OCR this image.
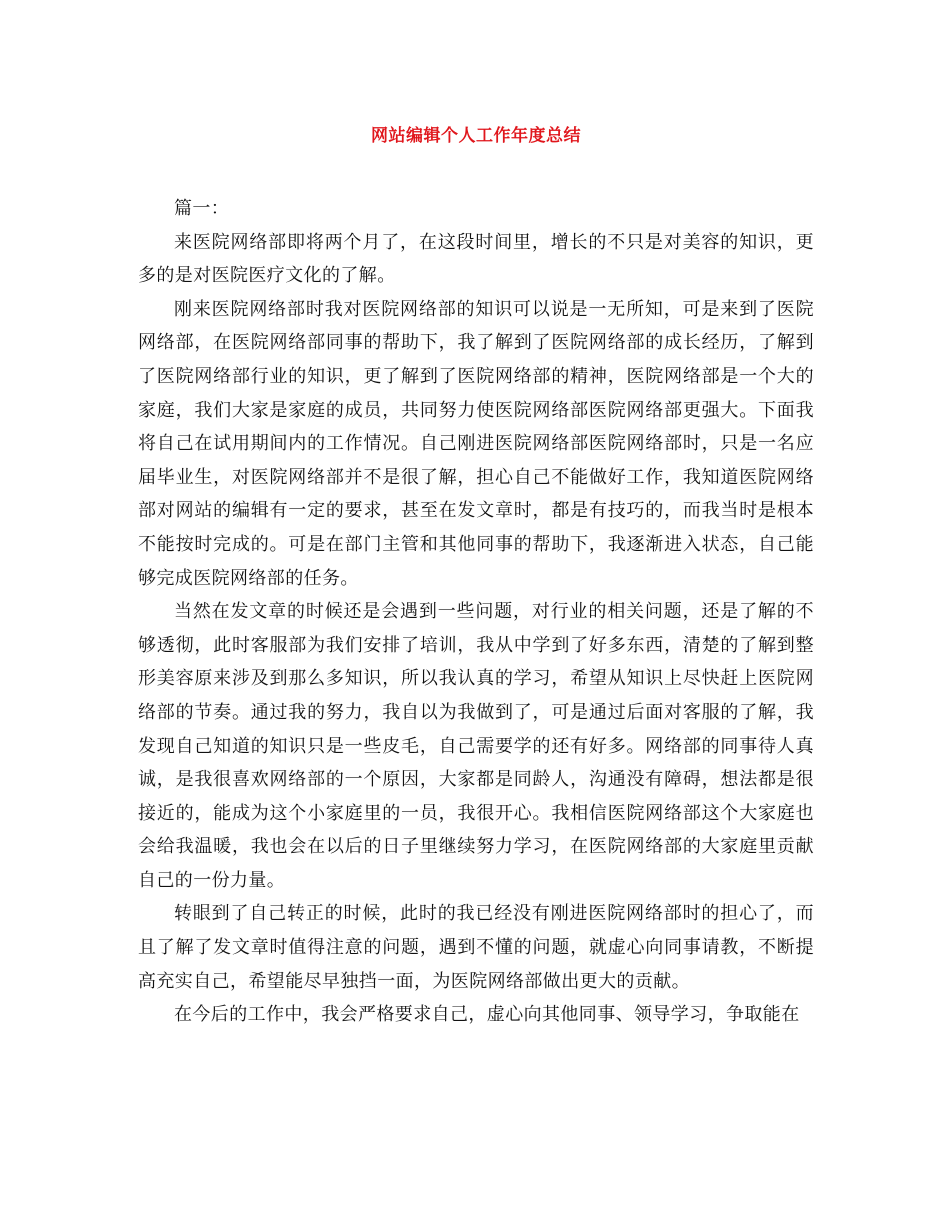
网站编辑个人工作年度总结

篇一：

来医院网络部即将两个月了，在这段时间里，增长的不只是对美容的知识，更多的是对医院医疗文化的了解。

刚来医院网络部时我对医院网络部的知识可以说是一无所知，可是来到了医院网络部，在医院网络部同事的帮助下，我了解到了医院网络部的成长经历，了解到了医院网络部行业的知识，更了解到了医院网络部的精神，医院网络部是一个大的家庭，我们大家是家庭的成员，共同努力使医院网络部医院网络部更强大。下面我将自己在试用期间内的工作情况。自己刚进医院网络部医院网络部时，只是一名应届毕业生，对医院网络部并不是很了解，担心自己不能做好工作，我知道医院网络部对网站的编辑有一定的要求，甚至在发文章时，都是有技巧的，而我当时是根本不能按时完成的。可是在部门主管和其他同事的帮助下，我逐渐进入状态，自己能够完成医院网络部的任务。

当然在发文章的时候还是会遇到一些问题，对行业的相关问题，还是了解的不够透彻，此时客服部为我们安排了培训，我从中学到了好多东西，清楚的了解到整形美容原来涉及到那么多知识，所以我认真的学习，希望从知识上尽快赶上医院网络部的节奏。通过我的努力，我自以为我做到了，可是通过后面对客服的了解，我发现自己知道的知识只是一些皮毛，自己需要学的还有好多。网络部的同事待人真诚，是我很喜欢网络部的一个原因，大家都是同龄人，沟通没有障碍，想法都是很接近的，能成为这个小家庭里的一员，我很开心。我相信医院网络部这个大家庭也会给我温暖，我也会在以后的日子里继续努力学习，在医院网络部的大家庭里贡献自己的一份力量。

转眼到了自己转正的时候，此时的我已经没有刚进医院网络部时的担心了，而且了解了发文章时值得注意的问题，遇到不懂的问题，就虚心向同事请教，不断提高充实自己，希望能尽早独挡一面，为医院网络部做出更大的贡献。

在今后的工作中，我会严格要求自己，虚心向其他同事、领导学习，争取能在
